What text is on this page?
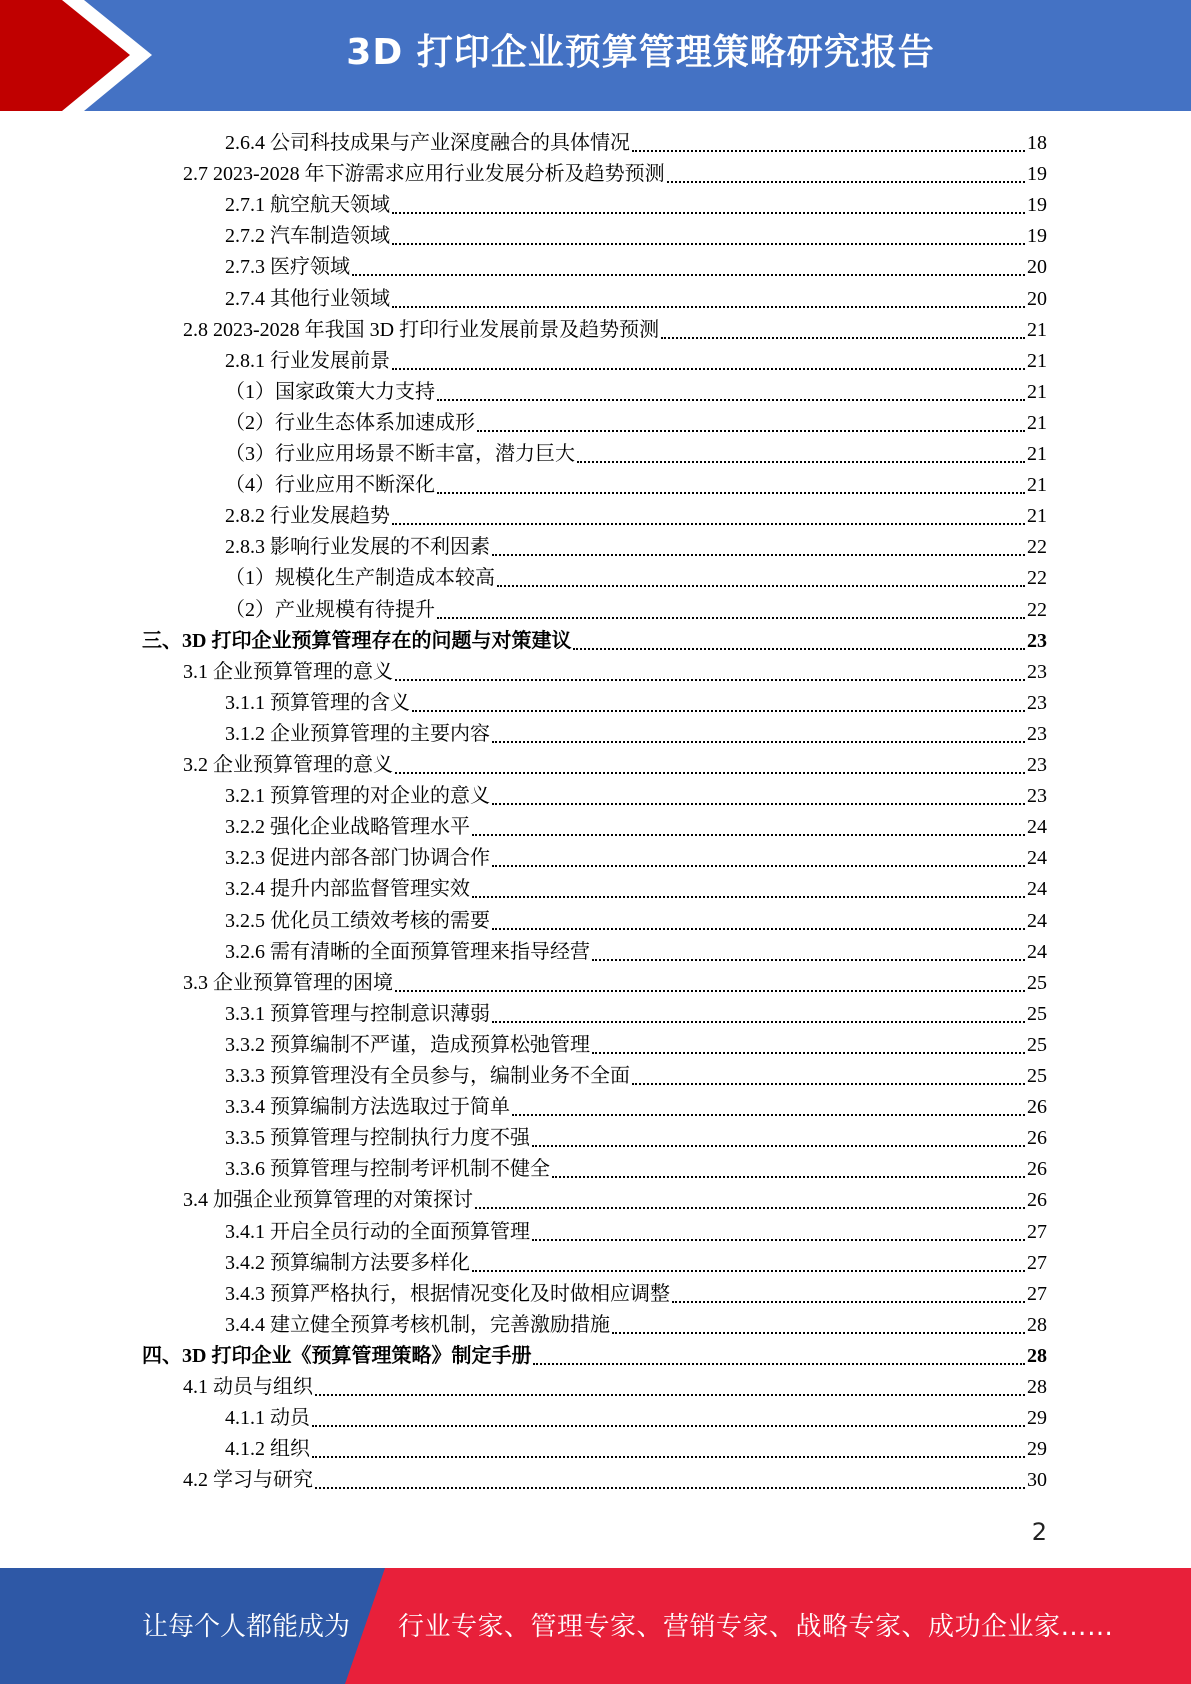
3D 打印企业预算管理策略研究报告
2.6.4 公司科技成果与产业深度融合的具体情况	18
2.7 2023-2028 年下游需求应用行业发展分析及趋势预测	19
2.7.1 航空航天领域	19
2.7.2 汽车制造领域	19
2.7.3 医疗领域	20
2.7.4 其他行业领域	20
2.8 2023-2028 年我国 3D 打印行业发展前景及趋势预测	21
2.8.1 行业发展前景	21
（1）国家政策大力支持	21
（2）行业生态体系加速成形	21
（3）行业应用场景不断丰富，潜力巨大	21
（4）行业应用不断深化	21
2.8.2 行业发展趋势	21
2.8.3 影响行业发展的不利因素	22
（1）规模化生产制造成本较高	22
（2）产业规模有待提升	22
三、3D 打印企业预算管理存在的问题与对策建议	23
3.1 企业预算管理的意义	23
3.1.1 预算管理的含义	23
3.1.2 企业预算管理的主要内容	23
3.2 企业预算管理的意义	23
3.2.1 预算管理的对企业的意义	23
3.2.2 强化企业战略管理水平	24
3.2.3 促进内部各部门协调合作	24
3.2.4 提升内部监督管理实效	24
3.2.5 优化员工绩效考核的需要	24
3.2.6 需有清晰的全面预算管理来指导经营	24
3.3 企业预算管理的困境	25
3.3.1 预算管理与控制意识薄弱	25
3.3.2 预算编制不严谨，造成预算松弛管理	25
3.3.3 预算管理没有全员参与，编制业务不全面	25
3.3.4 预算编制方法选取过于简单	26
3.3.5 预算管理与控制执行力度不强	26
3.3.6 预算管理与控制考评机制不健全	26
3.4 加强企业预算管理的对策探讨	26
3.4.1 开启全员行动的全面预算管理	27
3.4.2 预算编制方法要多样化	27
3.4.3 预算严格执行，根据情况变化及时做相应调整	27
3.4.4 建立健全预算考核机制，完善激励措施	28
四、3D 打印企业《预算管理策略》制定手册	28
4.1 动员与组织	28
4.1.1 动员	29
4.1.2 组织	29
4.2 学习与研究	30
2
让每个人都能成为 行业专家、管理专家、营销专家、战略专家、成功企业家……
